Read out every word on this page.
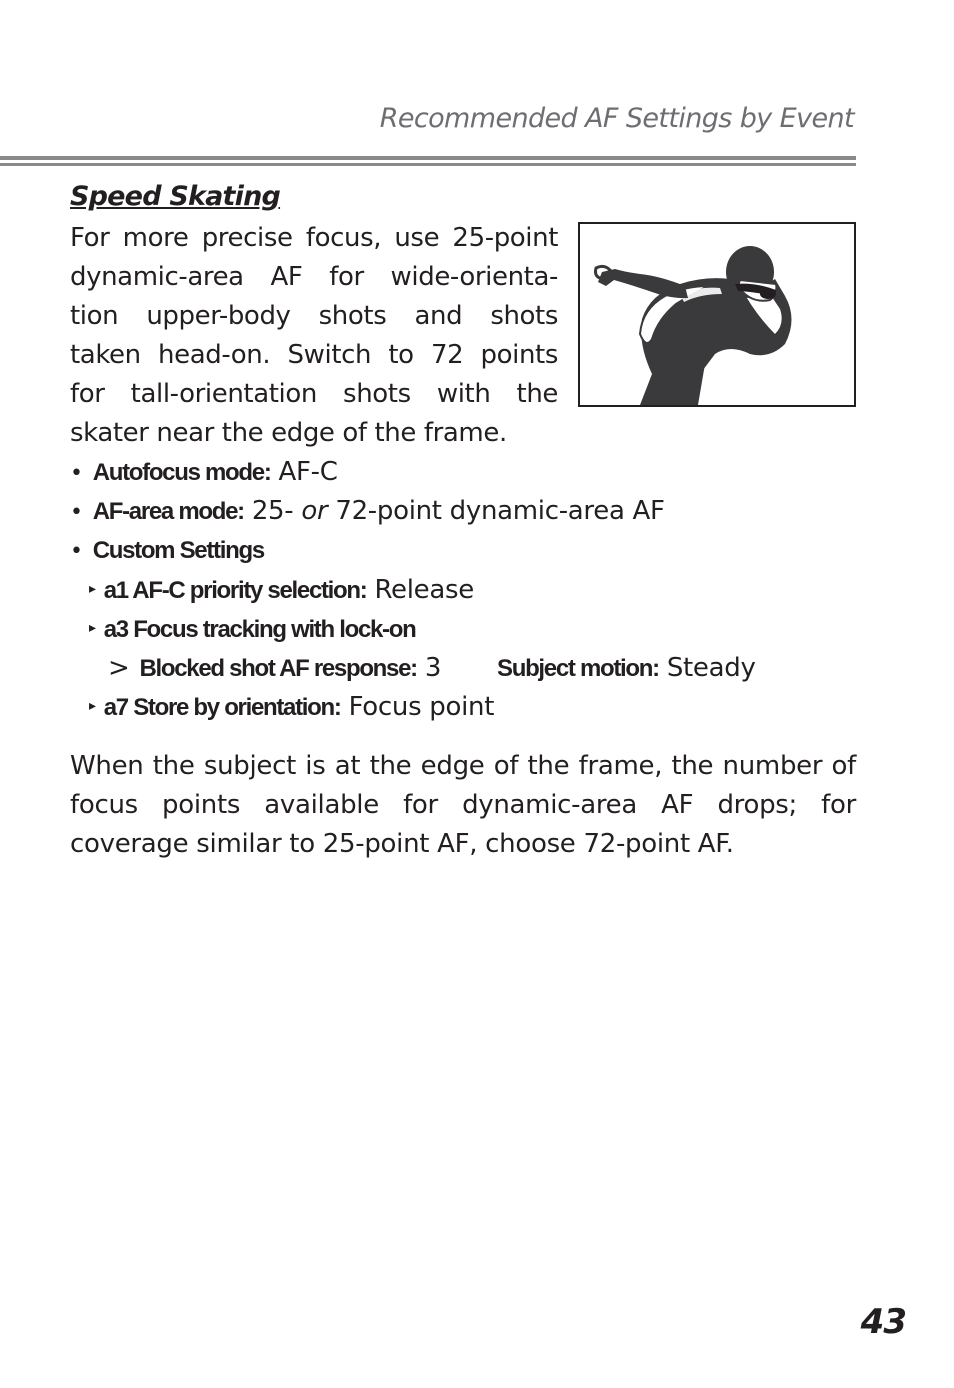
Recommended AF Settings by Event
Speed Skating
For more precise focus, use 25-point
dynamic-area AF for wide-orienta-
tion upper-body shots and shots
taken head-on. Switch to 72 points
for tall-orientation shots with the
skater near the edge of the frame.
• Autofocus mode: AF-C
• AF-area mode: 25- or 72-point dynamic-area AF
• Custom Settings
▸ a1 AF-C priority selection: Release
▸ a3 Focus tracking with lock-on
> Blocked shot AF response: 3 Subject motion: Steady
▸ a7 Store by orientation: Focus point
When the subject is at the edge of the frame, the number of focus points available for dynamic-area AF drops; for coverage similar to 25-point AF, choose 72-point AF.
43
